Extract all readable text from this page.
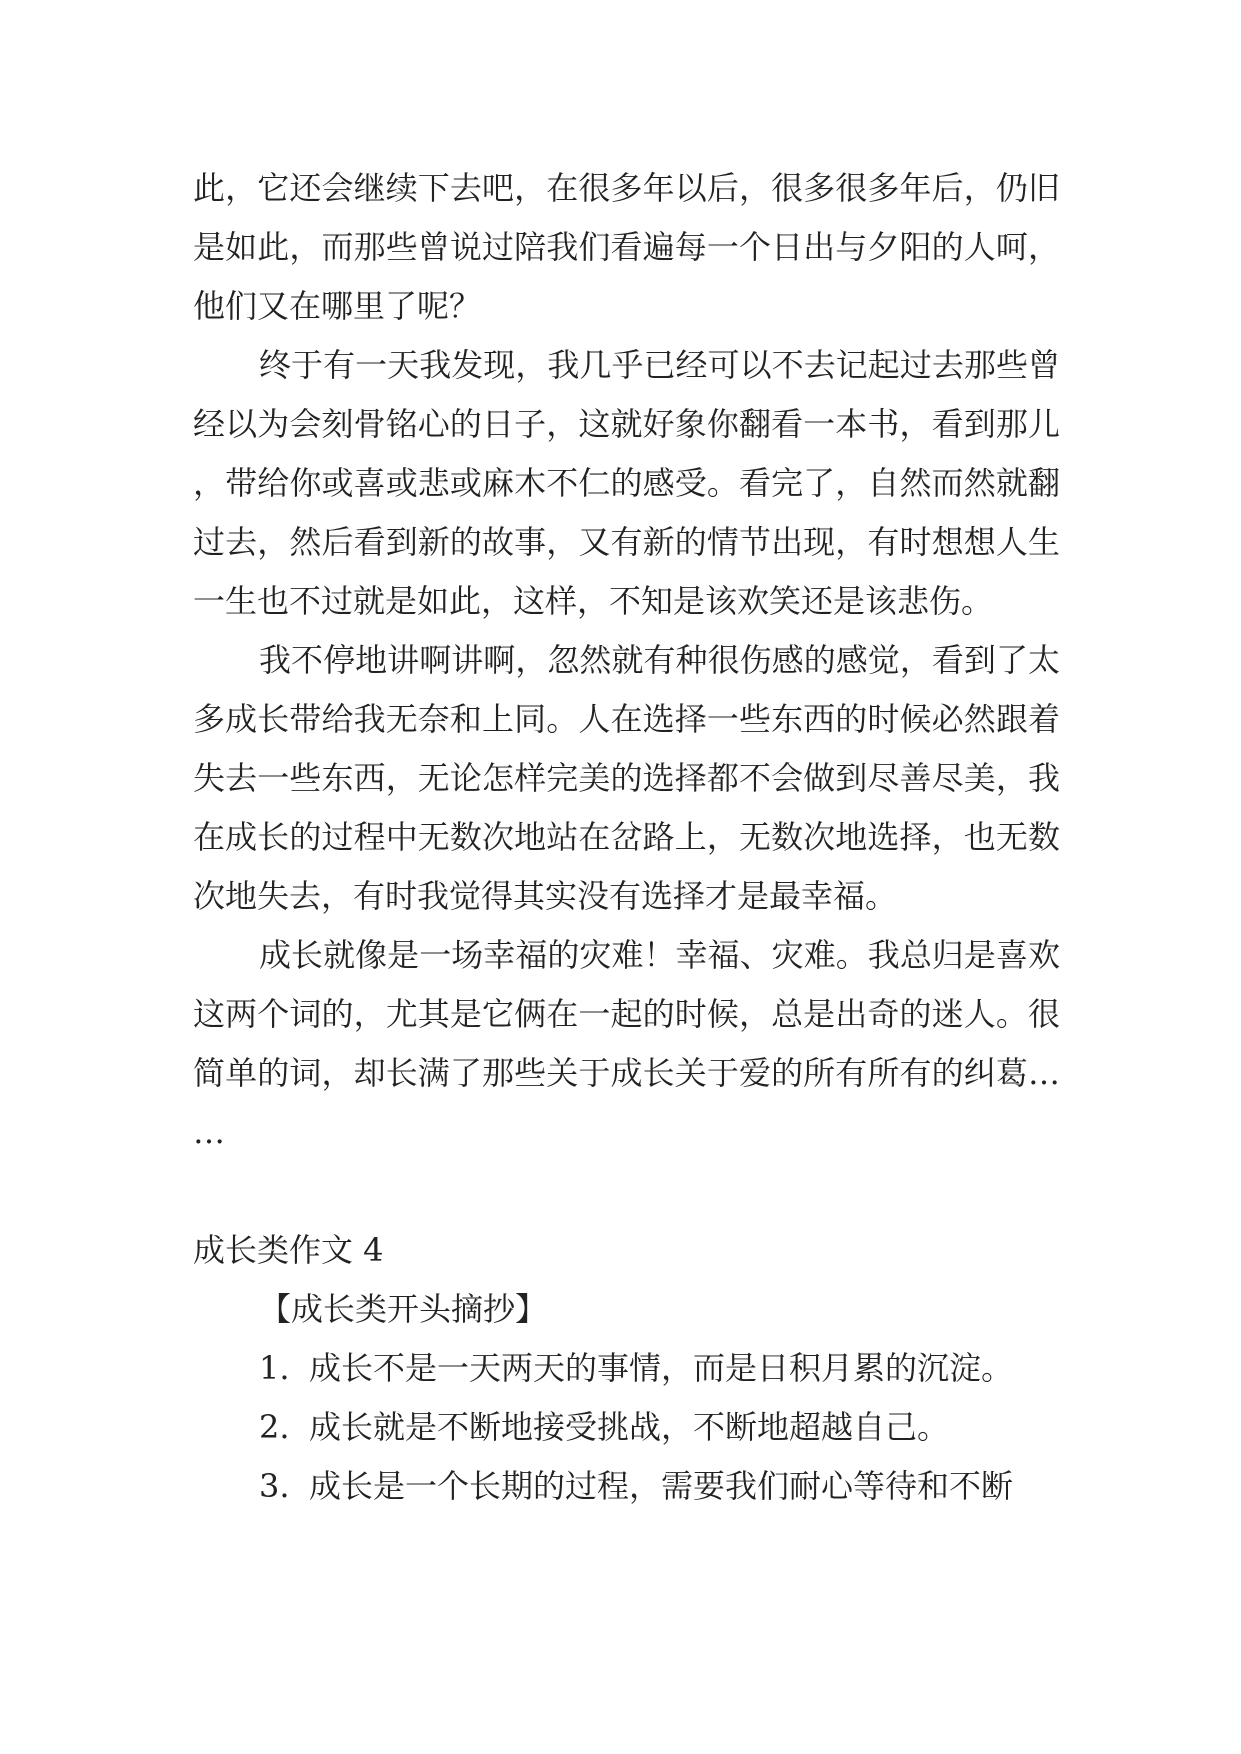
此，它还会继续下去吧，在很多年以后，很多很多年后，仍旧是如此，而那些曾说过陪我们看遍每一个日出与夕阳的人呵，他们又在哪里了呢？

终于有一天我发现，我几乎已经可以不去记起过去那些曾经以为会刻骨铭心的日子，这就好象你翻看一本书，看到那儿，带给你或喜或悲或麻木不仁的感受。看完了，自然而然就翻过去，然后看到新的故事，又有新的情节出现，有时想想人生一生也不过就是如此，这样，不知是该欢笑还是该悲伤。

我不停地讲啊讲啊，忽然就有种很伤感的感觉，看到了太多成长带给我无奈和上同。人在选择一些东西的时候必然跟着失去一些东西，无论怎样完美的选择都不会做到尽善尽美，我在成长的过程中无数次地站在岔路上，无数次地选择，也无数次地失去，有时我觉得其实没有选择才是最幸福。

成长就像是一场幸福的灾难！幸福、灾难。我总归是喜欢这两个词的，尤其是它俩在一起的时候，总是出奇的迷人。很简单的词，却长满了那些关于成长关于爱的所有所有的纠葛……

成长类作文 4

【成长类开头摘抄】

1. 成长不是一天两天的事情，而是日积月累的沉淀。
2. 成长就是不断地接受挑战，不断地超越自己。
3. 成长是一个长期的过程，需要我们耐心等待和不断
